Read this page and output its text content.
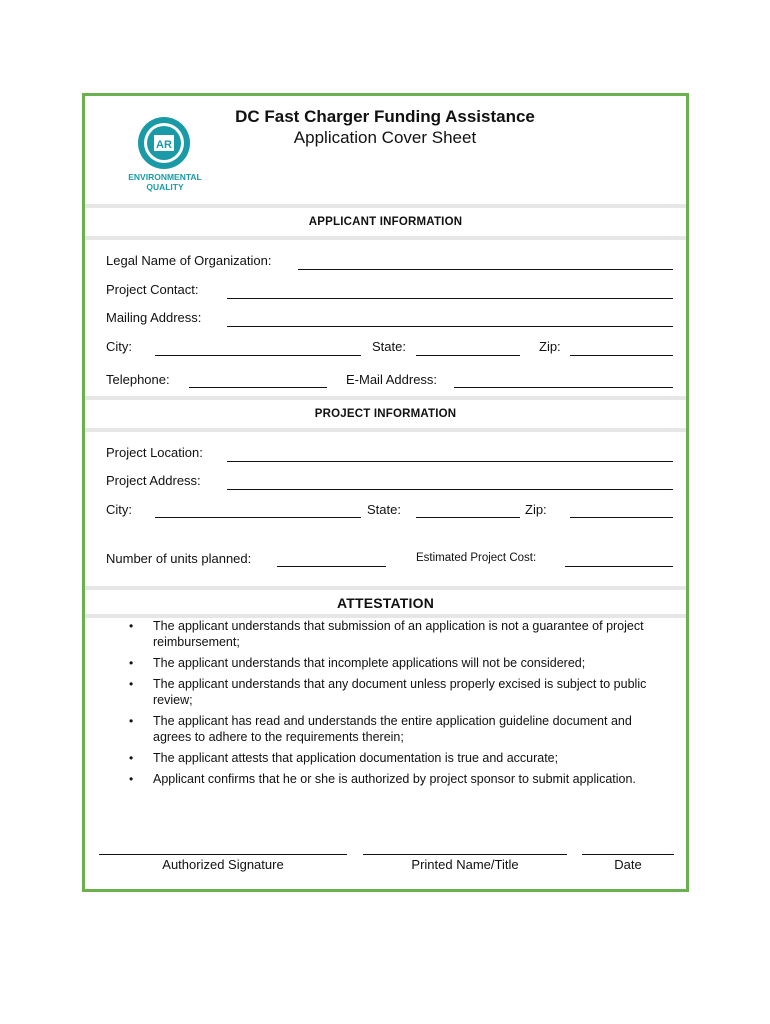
AR
ENVIRONMENTAL
QUALITY
DC Fast Charger Funding Assistance
Application Cover Sheet
APPLICANT INFORMATION
Legal Name of Organization:
Project Contact:
Mailing Address:
City:	State:	Zip:
Telephone:	E-Mail Address:
PROJECT INFORMATION
Project Location:
Project Address:
City:	State:	Zip:
Number of units planned:	Estimated Project Cost:
ATTESTATION
• The applicant understands that submission of an application is not a guarantee of project reimbursement;
• The applicant understands that incomplete applications will not be considered;
• The applicant understands that any document unless properly excised is subject to public review;
• The applicant has read and understands the entire application guideline document and agrees to adhere to the requirements therein;
• The applicant attests that application documentation is true and accurate;
• Applicant confirms that he or she is authorized by project sponsor to submit application.
Authorized Signature	Printed Name/Title	Date
